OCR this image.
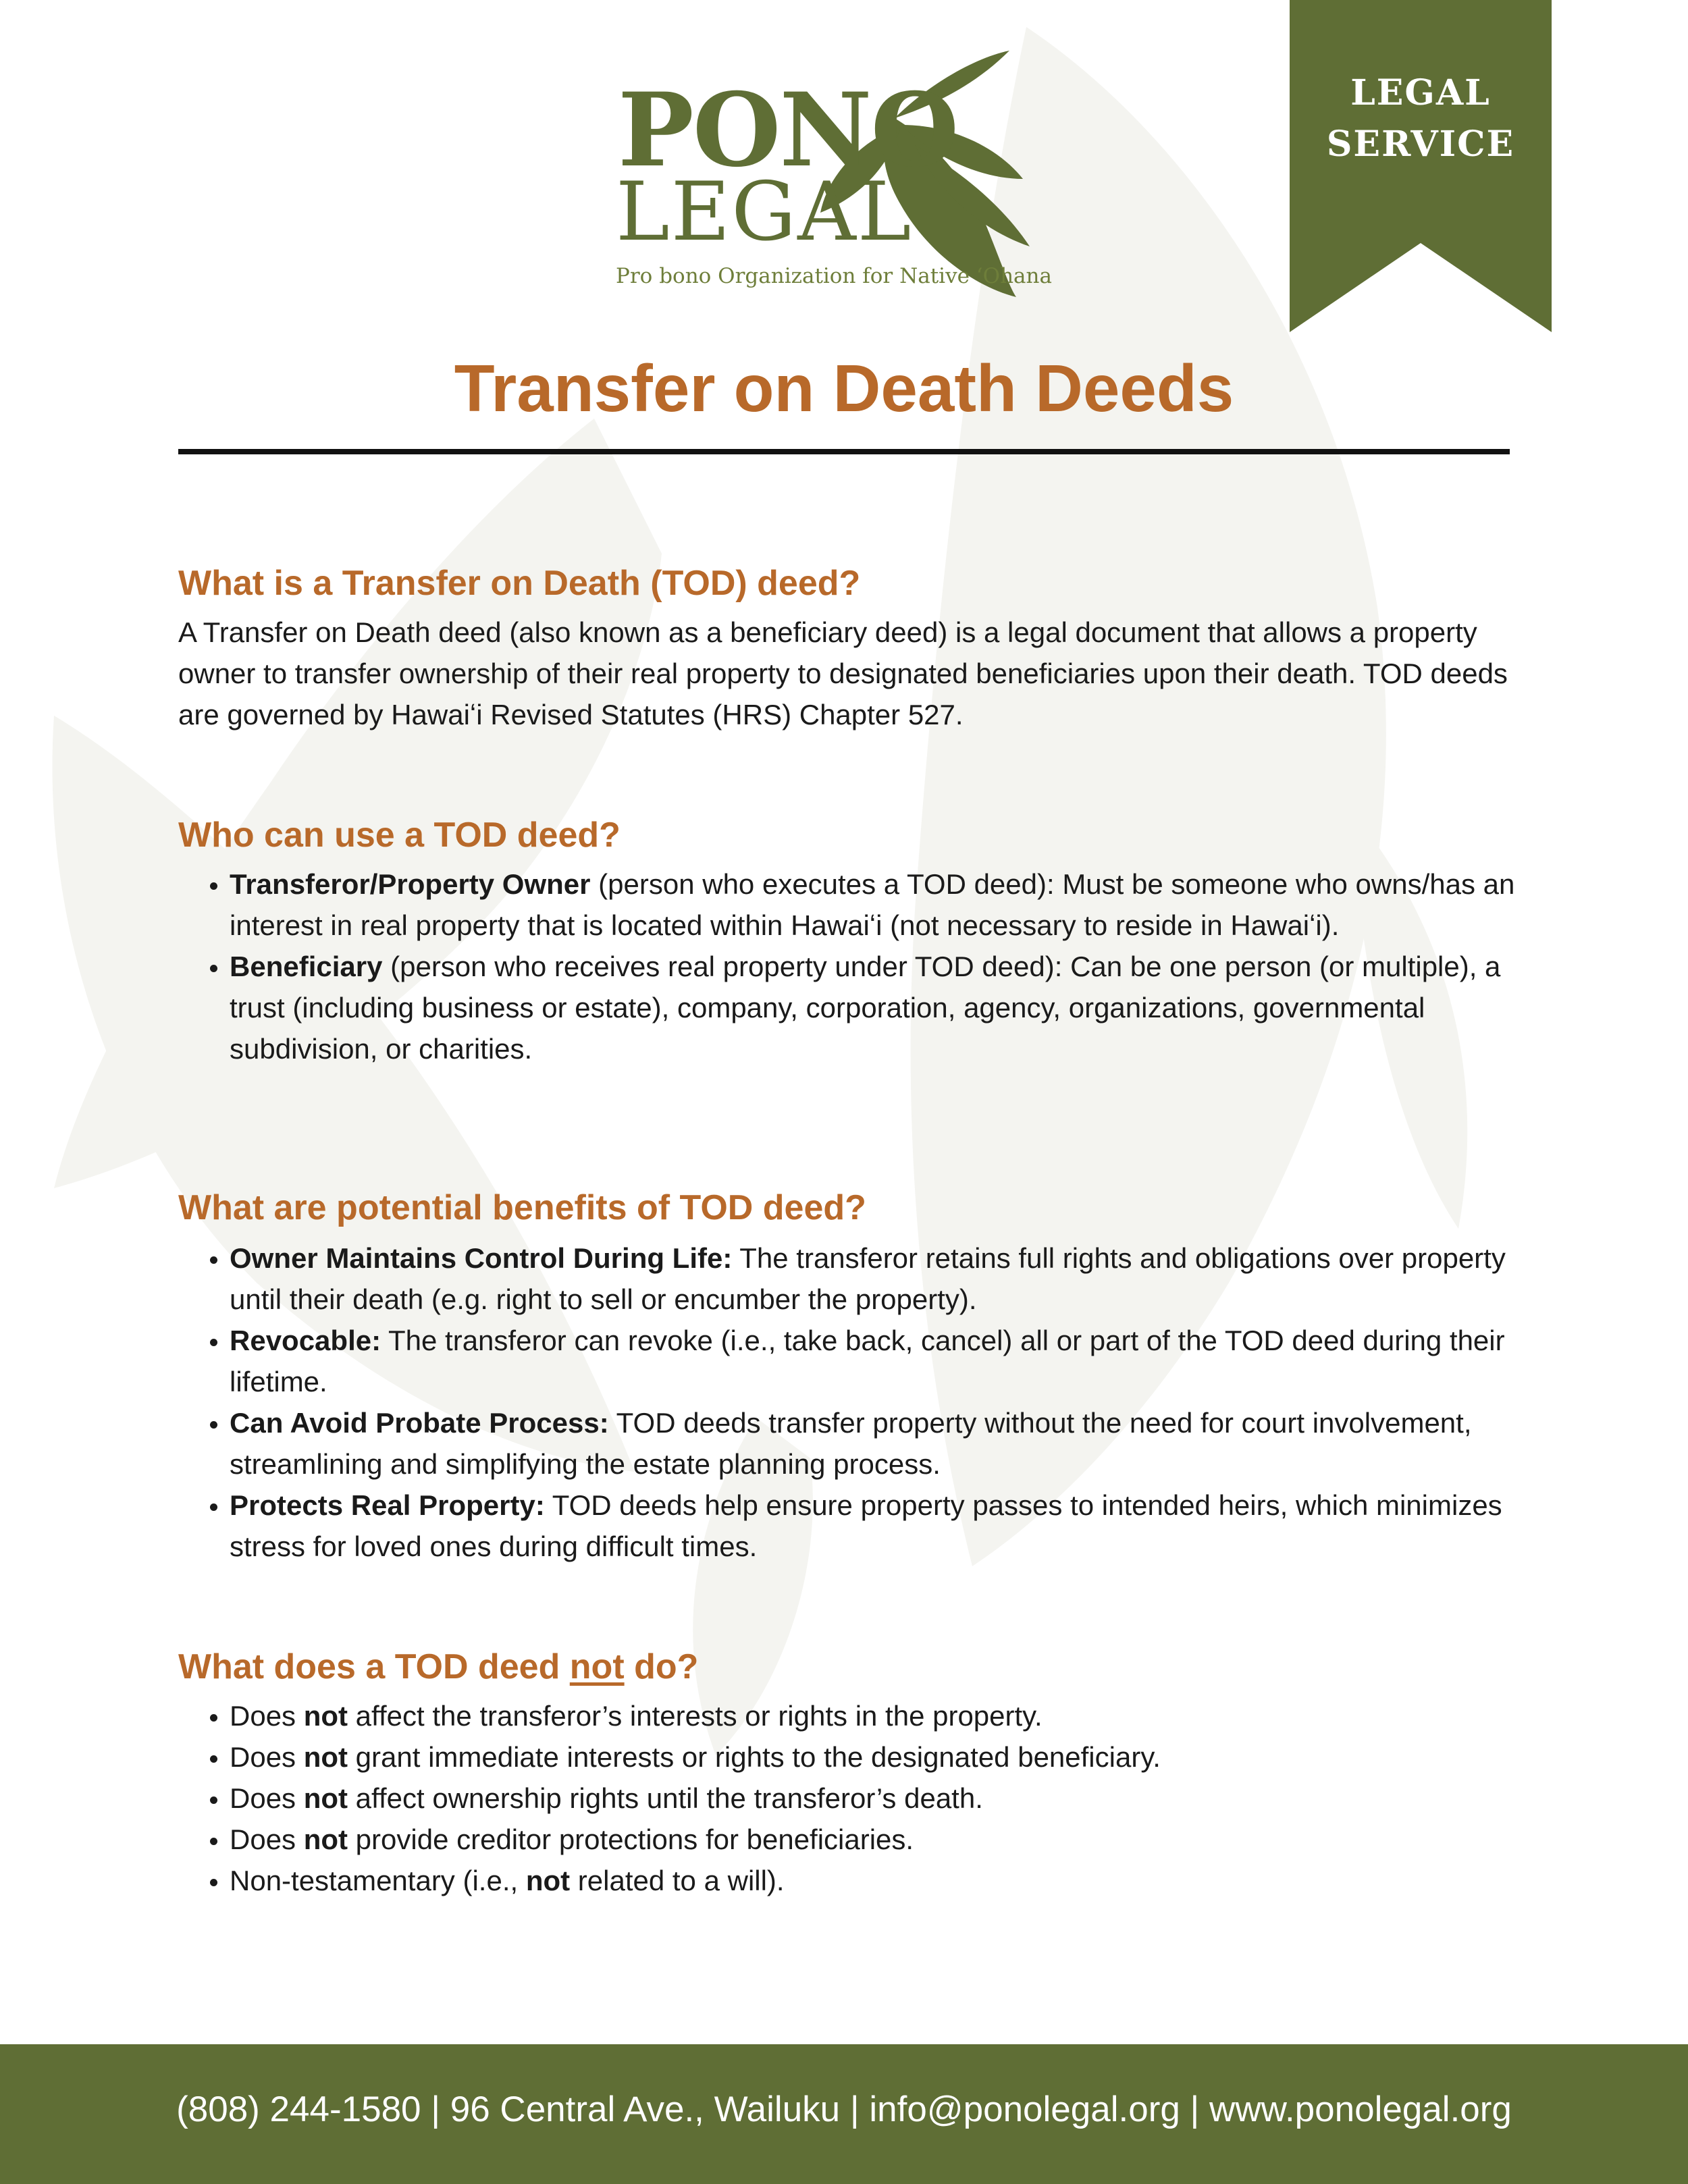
LEGAL
SERVICE
PONO
LEGAL
Pro bono Organization for Native ʻOhana
Transfer on Death Deeds
What is a Transfer on Death (TOD) deed?

A Transfer on Death deed (also known as a beneficiary deed) is a legal document that allows a property owner to transfer ownership of their real property to designated beneficiaries upon their death. TOD deeds are governed by Hawaiʻi Revised Statutes (HRS) Chapter 527.

Who can use a TOD deed?
• Transferor/Property Owner (person who executes a TOD deed): Must be someone who owns/has an interest in real property that is located within Hawaiʻi (not necessary to reside in Hawaiʻi).
• Beneficiary (person who receives real property under TOD deed): Can be one person (or multiple), a trust (including business or estate), company, corporation, agency, organizations, governmental subdivision, or charities.
What are potential benefits of TOD deed?
• Owner Maintains Control During Life: The transferor retains full rights and obligations over property until their death (e.g. right to sell or encumber the property).
• Revocable: The transferor can revoke (i.e., take back, cancel) all or part of the TOD deed during their lifetime.
• Can Avoid Probate Process: TOD deeds transfer property without the need for court involvement, streamlining and simplifying the estate planning process.
• Protects Real Property: TOD deeds help ensure property passes to intended heirs, which minimizes stress for loved ones during difficult times.
What does a TOD deed not do?
• Does not affect the transferor’s interests or rights in the property.
• Does not grant immediate interests or rights to the designated beneficiary.
• Does not affect ownership rights until the transferor’s death.
• Does not provide creditor protections for beneficiaries.
• Non-testamentary (i.e., not related to a will).
(808) 244-1580 | 96 Central Ave., Wailuku | info@ponolegal.org | www.ponolegal.org
